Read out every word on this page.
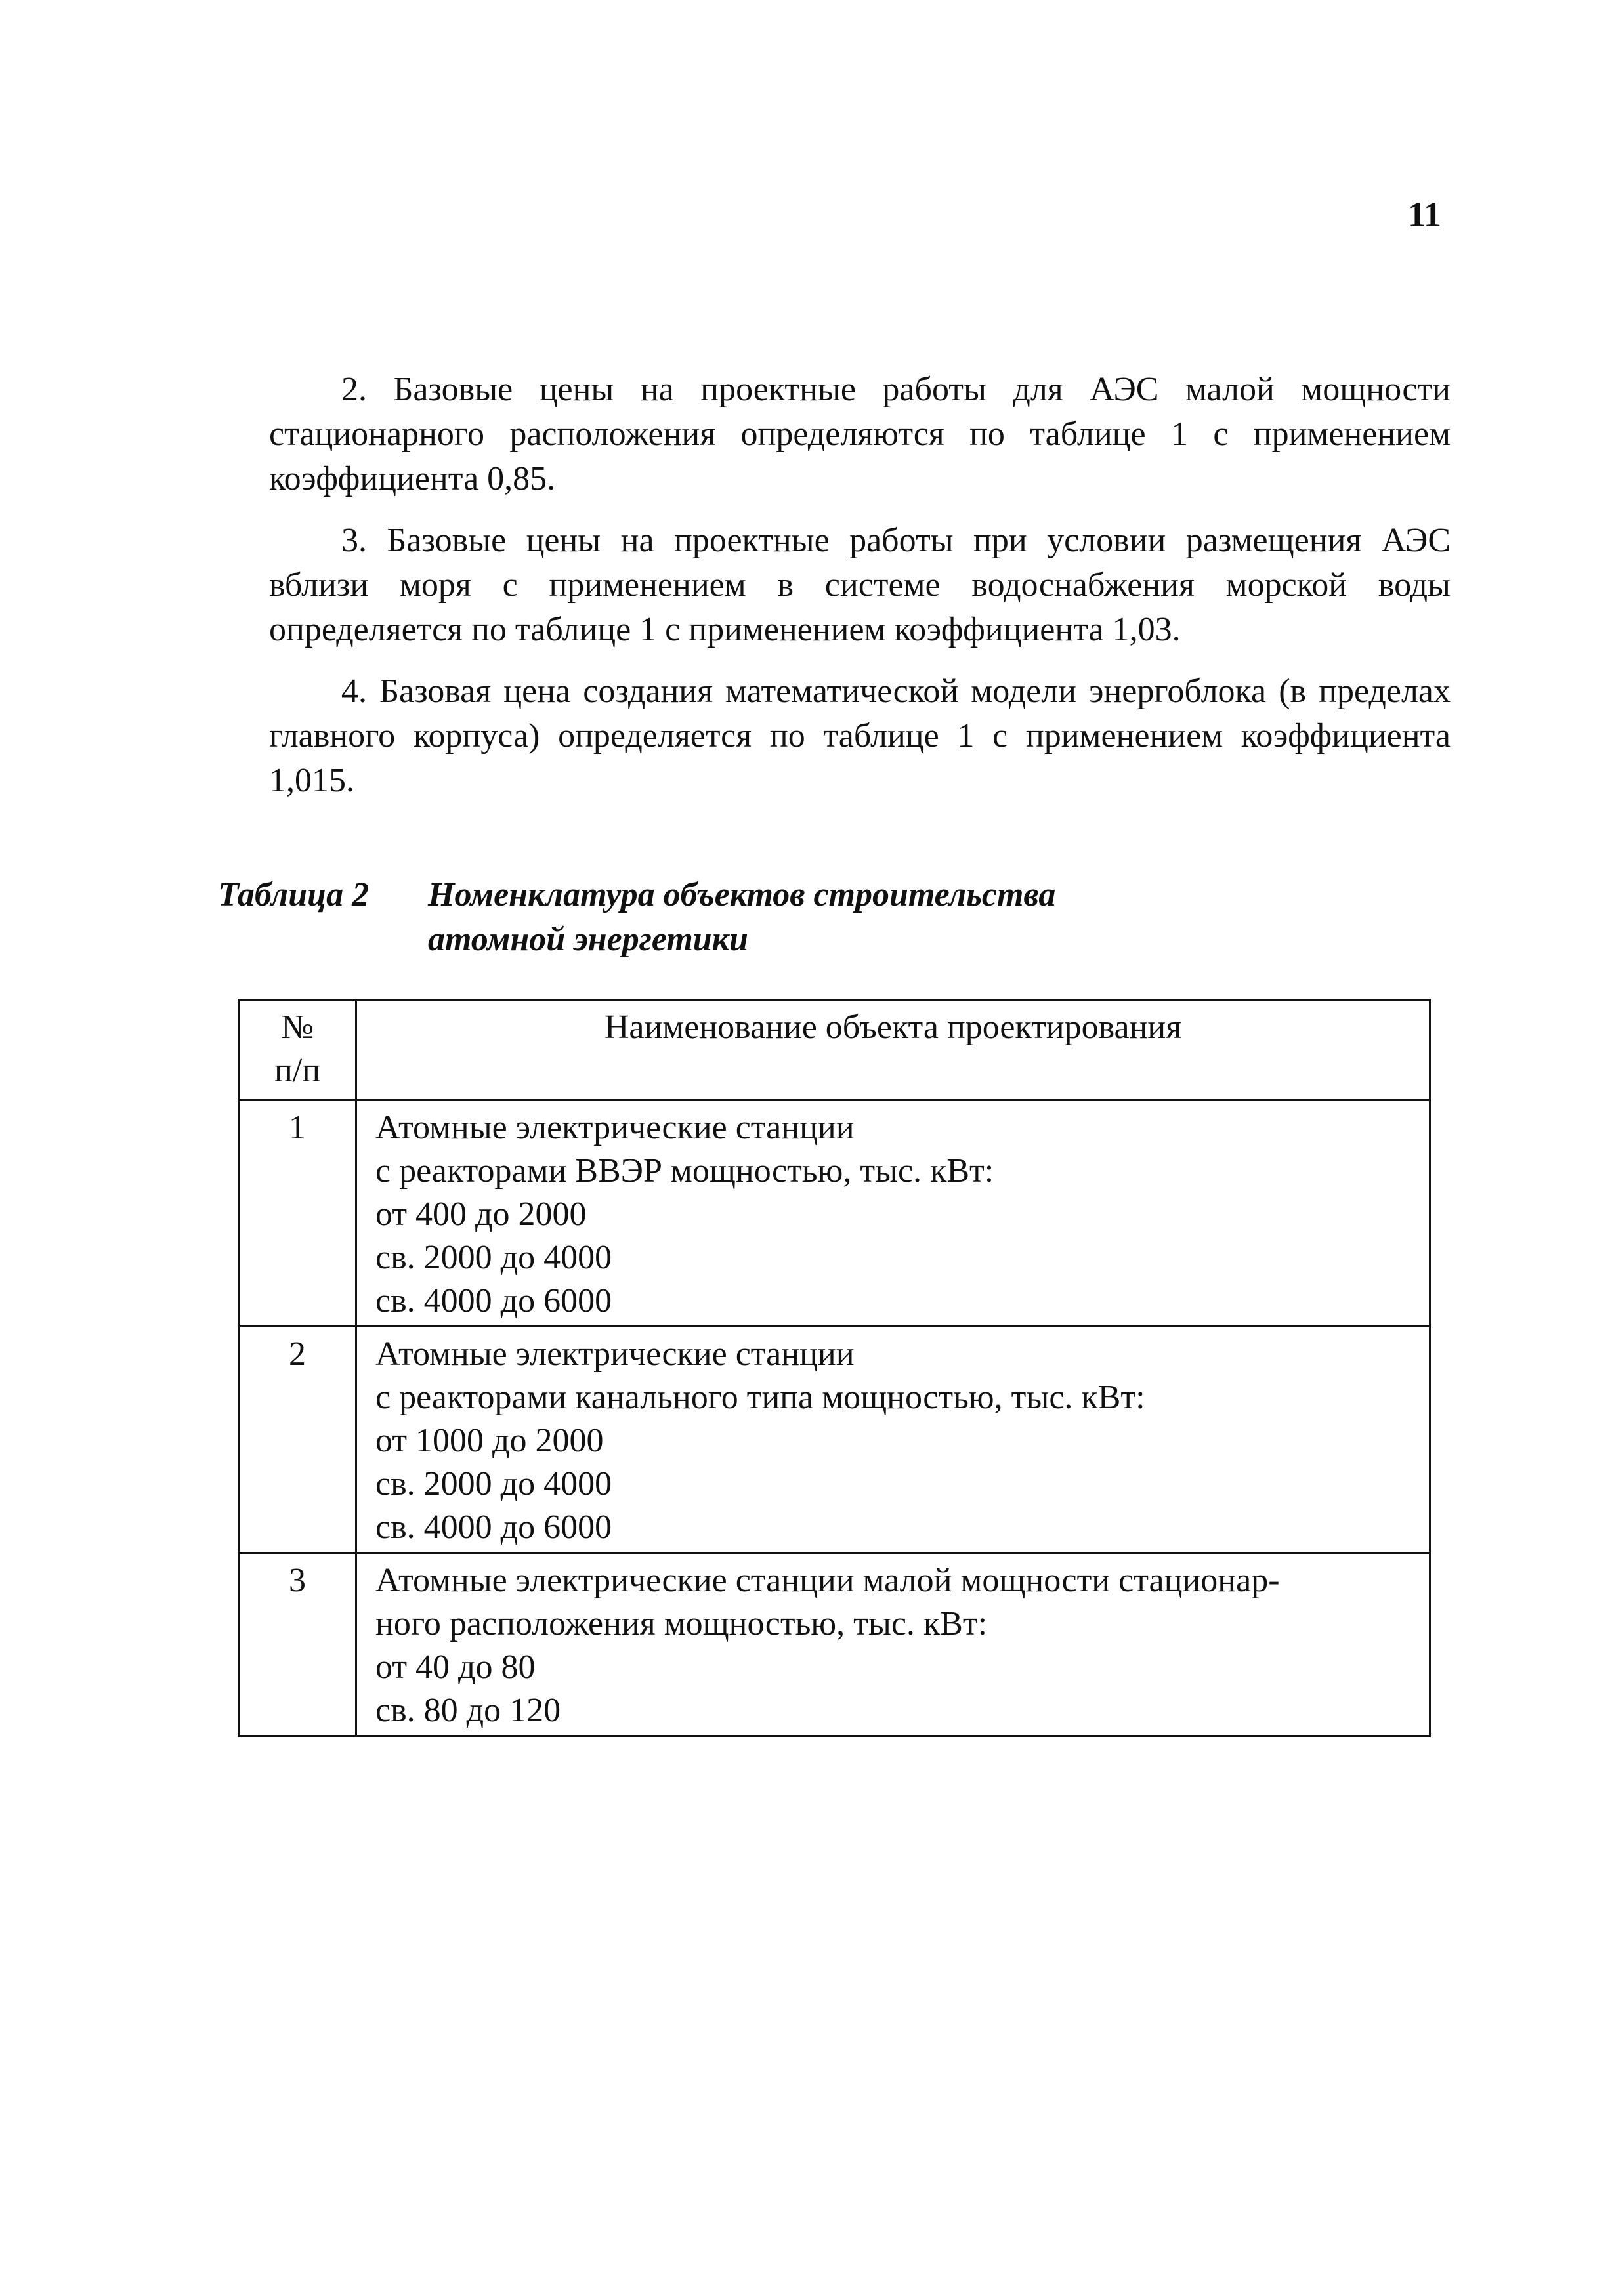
11

2. Базовые цены на проектные работы для АЭС малой мощности стационарного расположения определяются по таблице 1 с применением коэффициента 0,85.

3. Базовые цены на проектные работы при условии размещения АЭС вблизи моря с применением в системе водоснабжения морской воды определяется по таблице 1 с применением коэффициента 1,03.

4. Базовая цена создания математической модели энергоблока (в пределах главного корпуса) определяется по таблице 1 с применением коэффициента 1,015.

Таблица 2 Номенклатура объектов строительства
атомной энергетики
№
п/п	Наименование объекта проектирования
1	Атомные электрические станции
с реакторами ВВЭР мощностью, тыс. кВт:
от 400 до 2000
св. 2000 до 4000
св. 4000 до 6000

2	Атомные электрические станции
с реакторами канального типа мощностью, тыс. кВт:
от 1000 до 2000
св. 2000 до 4000
св. 4000 до 6000

3	Атомные электрические станции малой мощности стационар-
ного расположения мощностью, тыс. кВт:
от 40 до 80
св. 80 до 120
